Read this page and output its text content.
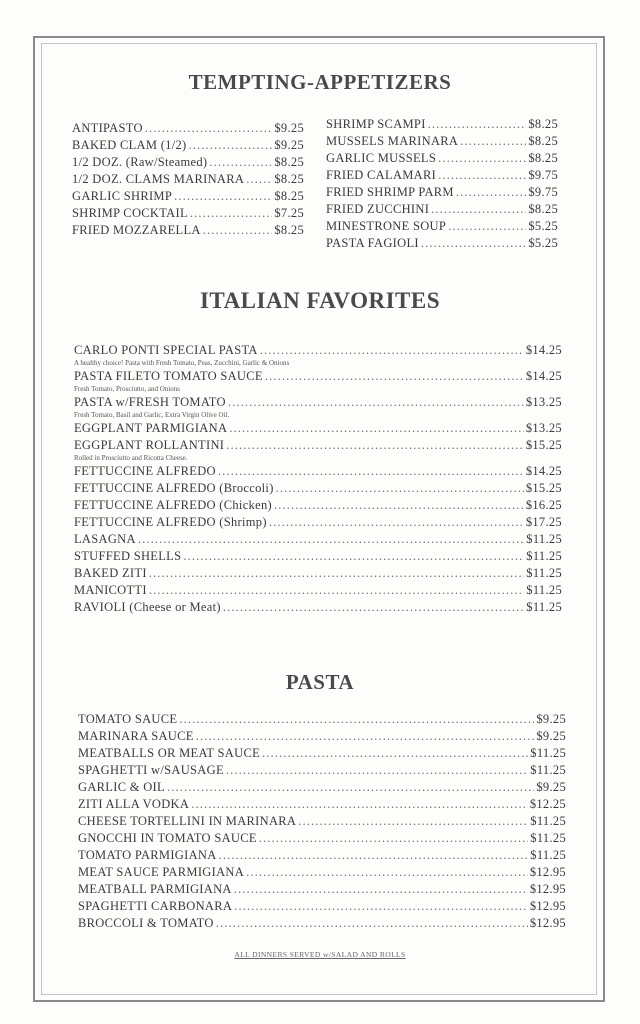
TEMPTING-APPETIZERS
ANTIPASTO . . .	$9.25
BAKED CLAM (1/2) . . .	$9.25
1/2 DOZ. (Raw/Steamed) . . .	$8.25
1/2 DOZ. CLAMS MARINARA . . . $8.25
GARLIC SHRIMP . . .	$8.25
SHRIMP COCKTAIL . . .	$7.25
FRIED MOZZARELLA . . .	$8.25
SHRIMP SCAMPI . . .	$8.25
MUSSELS MARINARA . . .	$8.25
GARLIC MUSSELS . . .	$8.25
FRIED CALAMARI . . .	$9.75
FRIED SHRIMP PARM . . .	$9.75
FRIED ZUCCHINI . . .	$8.25
MINESTRONE SOUP . . .	$5.25
PASTA FAGIOLI . . .	$5.25
ITALIAN FAVORITES
CARLO PONTI SPECIAL PASTA . . .	$14.25
A healthy choice! Pasta with Fresh Tomato, Peas, Zucchini, Garlic & Onions
PASTA FILETO TOMATO SAUCE . . .	$14.25
Fresh Tomato, Prosciutto, and Onions
PASTA w/FRESH TOMATO . . .	$13.25
Fresh Tomato, Basil and Garlic, Extra Virgin Olive Oil.
EGGPLANT PARMIGIANA . . .	$13.25
EGGPLANT ROLLANTINI . . .	$15.25
Rolled in Prosciutto and Ricotta Cheese.
FETTUCCINE ALFREDO . . .	$14.25
FETTUCCINE ALFREDO (Broccoli) . . .	$15.25
FETTUCCINE ALFREDO (Chicken) . . .	$16.25
FETTUCCINE ALFREDO (Shrimp) . . .	$17.25
LASAGNA . . .	$11.25
STUFFED SHELLS . . .	$11.25
BAKED ZITI . . .	$11.25
MANICOTTI . . .	$11.25
RAVIOLI (Cheese or Meat) . . .	$11.25
PASTA
TOMATO SAUCE . . .	$9.25
MARINARA SAUCE . . .	$9.25
MEATBALLS OR MEAT SAUCE . . .	$11.25
SPAGHETTI w/SAUSAGE . . .	$11.25
GARLIC & OIL . . .	$9.25
ZITI ALLA VODKA . . .	$12.25
CHEESE TORTELLINI IN MARINARA . . .	$11.25
GNOCCHI IN TOMATO SAUCE . . .	$11.25
TOMATO PARMIGIANA . . .	$11.25
MEAT SAUCE PARMIGIANA . . .	$12.95
MEATBALL PARMIGIANA . . .	$12.95
SPAGHETTI CARBONARA . . .	$12.95
BROCCOLI & TOMATO . . .	$12.95
ALL DINNERS SERVED w/SALAD AND ROLLS
